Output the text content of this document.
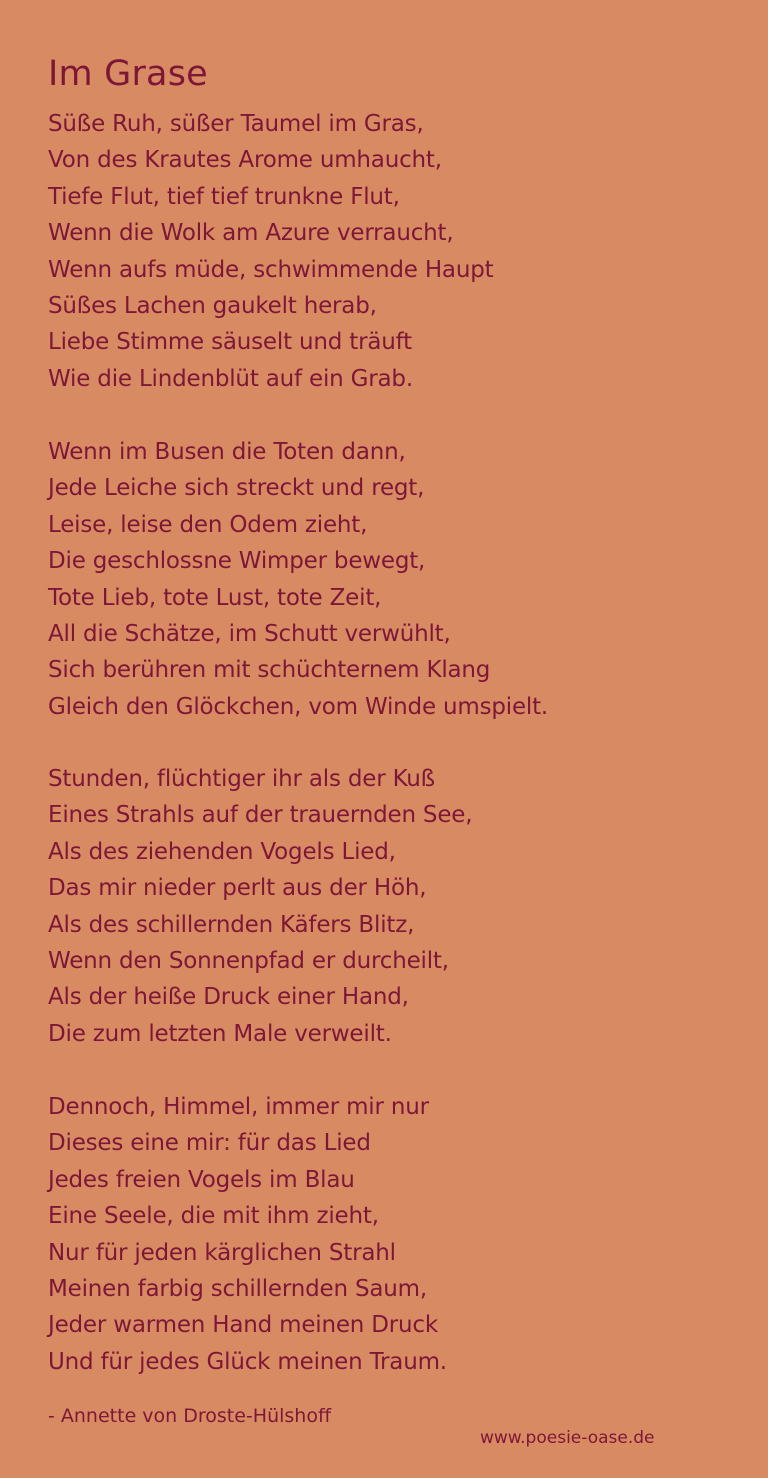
Im Grase
Süße Ruh, süßer Taumel im Gras,
Von des Krautes Arome umhaucht,
Tiefe Flut, tief tief trunkne Flut,
Wenn die Wolk am Azure verraucht,
Wenn aufs müde, schwimmende Haupt
Süßes Lachen gaukelt herab,
Liebe Stimme säuselt und träuft
Wie die Lindenblüt auf ein Grab.
Wenn im Busen die Toten dann,
Jede Leiche sich streckt und regt,
Leise, leise den Odem zieht,
Die geschlossne Wimper bewegt,
Tote Lieb, tote Lust, tote Zeit,
All die Schätze, im Schutt verwühlt,
Sich berühren mit schüchternem Klang
Gleich den Glöckchen, vom Winde umspielt.
Stunden, flüchtiger ihr als der Kuß
Eines Strahls auf der trauernden See,
Als des ziehenden Vogels Lied,
Das mir nieder perlt aus der Höh,
Als des schillernden Käfers Blitz,
Wenn den Sonnenpfad er durcheilt,
Als der heiße Druck einer Hand,
Die zum letzten Male verweilt.
Dennoch, Himmel, immer mir nur
Dieses eine mir: für das Lied
Jedes freien Vogels im Blau
Eine Seele, die mit ihm zieht,
Nur für jeden kärglichen Strahl
Meinen farbig schillernden Saum,
Jeder warmen Hand meinen Druck
Und für jedes Glück meinen Traum.
- Annette von Droste-Hülshoff
www.poesie-oase.de
